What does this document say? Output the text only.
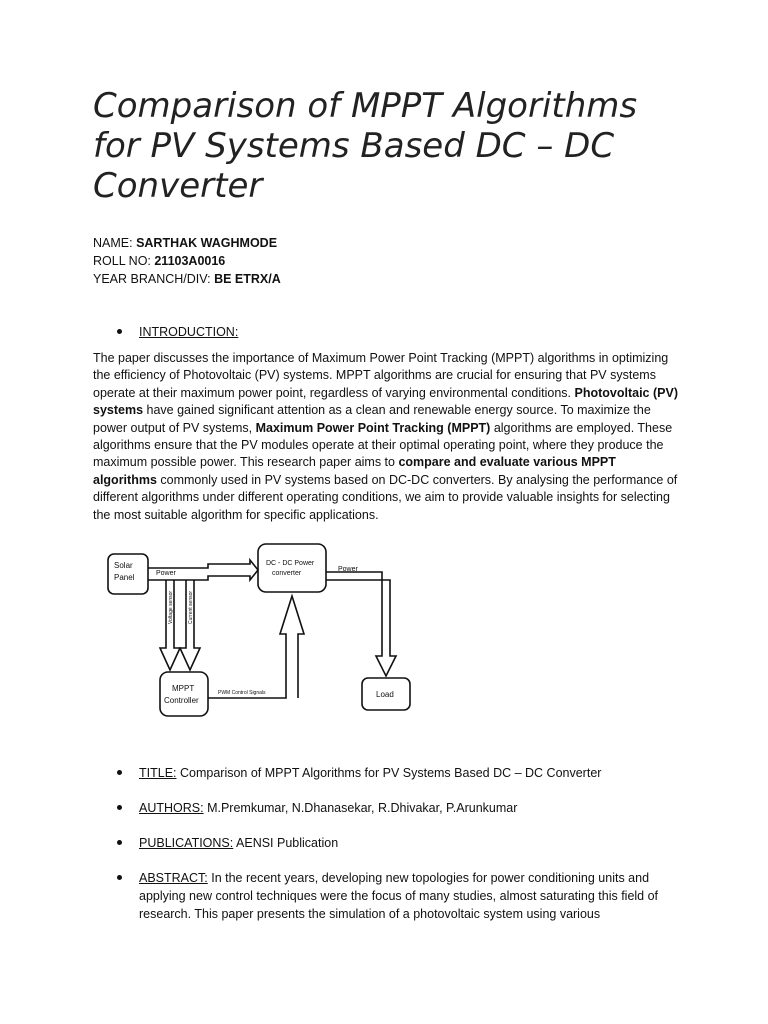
Comparison of MPPT Algorithms for PV Systems Based DC – DC Converter
NAME: SARTHAK WAGHMODE
ROLL NO: 21103A0016
YEAR BRANCH/DIV: BE ETRX/A
INTRODUCTION:
The paper discusses the importance of Maximum Power Point Tracking (MPPT) algorithms in optimizing the efficiency of Photovoltaic (PV) systems. MPPT algorithms are crucial for ensuring that PV systems operate at their maximum power point, regardless of varying environmental conditions. Photovoltaic (PV) systems have gained significant attention as a clean and renewable energy source. To maximize the power output of PV systems, Maximum Power Point Tracking (MPPT) algorithms are employed. These algorithms ensure that the PV modules operate at their optimal operating point, where they produce the maximum possible power. This research paper aims to compare and evaluate various MPPT algorithms commonly used in PV systems based on DC-DC converters. By analysing the performance of different algorithms under different operating conditions, we aim to provide valuable insights for selecting the most suitable algorithm for specific applications.
Solar
Panel
DC - DC Power
converter
Power
Power
Voltage sensor	Current sensor
MPPT
Controller
PWM Control Signals	Load
TITLE: Comparison of MPPT Algorithms for PV Systems Based DC – DC Converter
AUTHORS: M.Premkumar, N.Dhanasekar, R.Dhivakar, P.Arunkumar
PUBLICATIONS: AENSI Publication
ABSTRACT: In the recent years, developing new topologies for power conditioning units and applying new control techniques were the focus of many studies, almost saturating this field of research. This paper presents the simulation of a photovoltaic system using various
